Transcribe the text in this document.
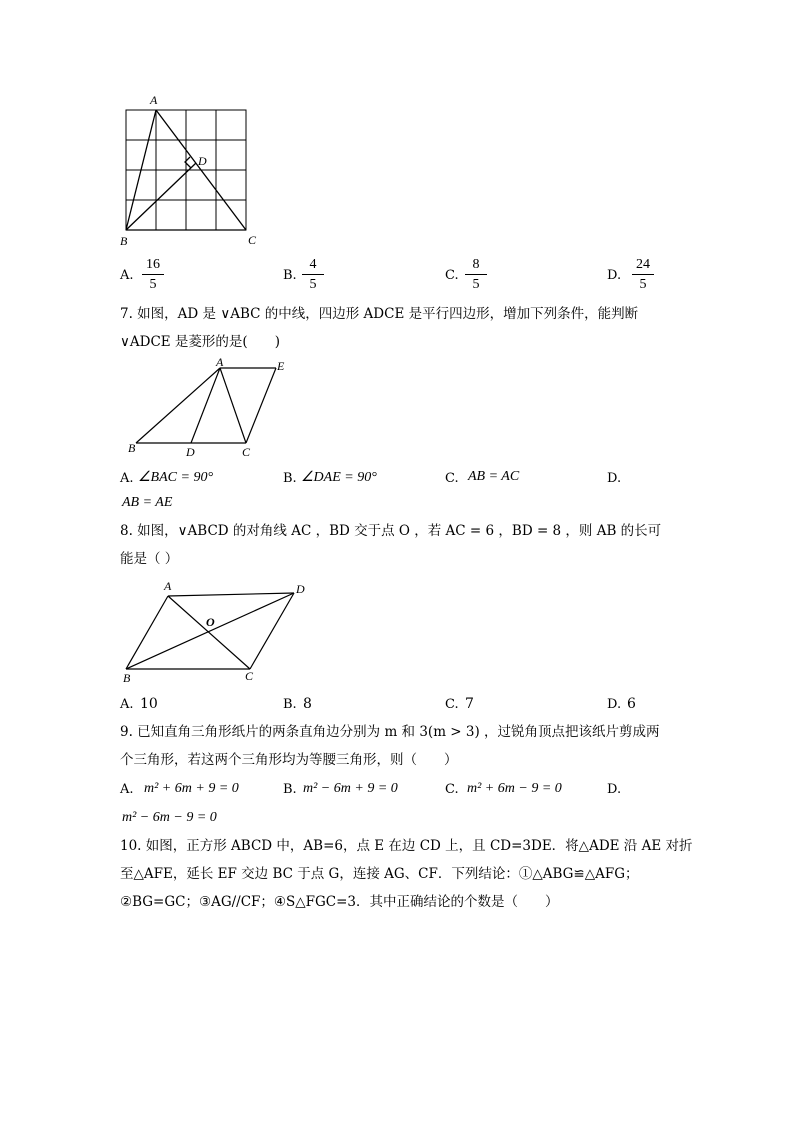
A
B	C
D
A.
16
5
B.
4
5
C.
8
5
D.
24
5
7. 如图，AD 是 ∨ABC 的中线，四边形 ADCE 是平行四边形，增加下列条件，能判断
∨ADCE 是菱形的是(　　)
A	E
B	D	C
A. ∠BAC = 90°	B. ∠DAE = 90°	C. AB = AC	D.
AB = AE
8. 如图，∨ABCD 的对角线 AC ，BD 交于点 O ，若 AC = 6 ，BD = 8 ，则 AB 的长可
能是（ ）
A	D
O
B	C
A. 10	B. 8	C. 7	D. 6
9. 已知直角三角形纸片的两条直角边分别为 m 和 3(m > 3) ，过锐角顶点把该纸片剪成两
个三角形，若这两个三角形均为等腰三角形，则（　　）
A. m² + 6m + 9 = 0	B. m² − 6m + 9 = 0	C. m² + 6m − 9 = 0	D.
m² − 6m − 9 = 0
10. 如图，正方形 ABCD 中，AB=6，点 E 在边 CD 上，且 CD=3DE．将△ADE 沿 AE 对折
至△AFE，延长 EF 交边 BC 于点 G，连接 AG、CF．下列结论：①△ABG≌△AFG；
②BG=GC；③AG//CF；④S△FGC=3．其中正确结论的个数是（　　）
